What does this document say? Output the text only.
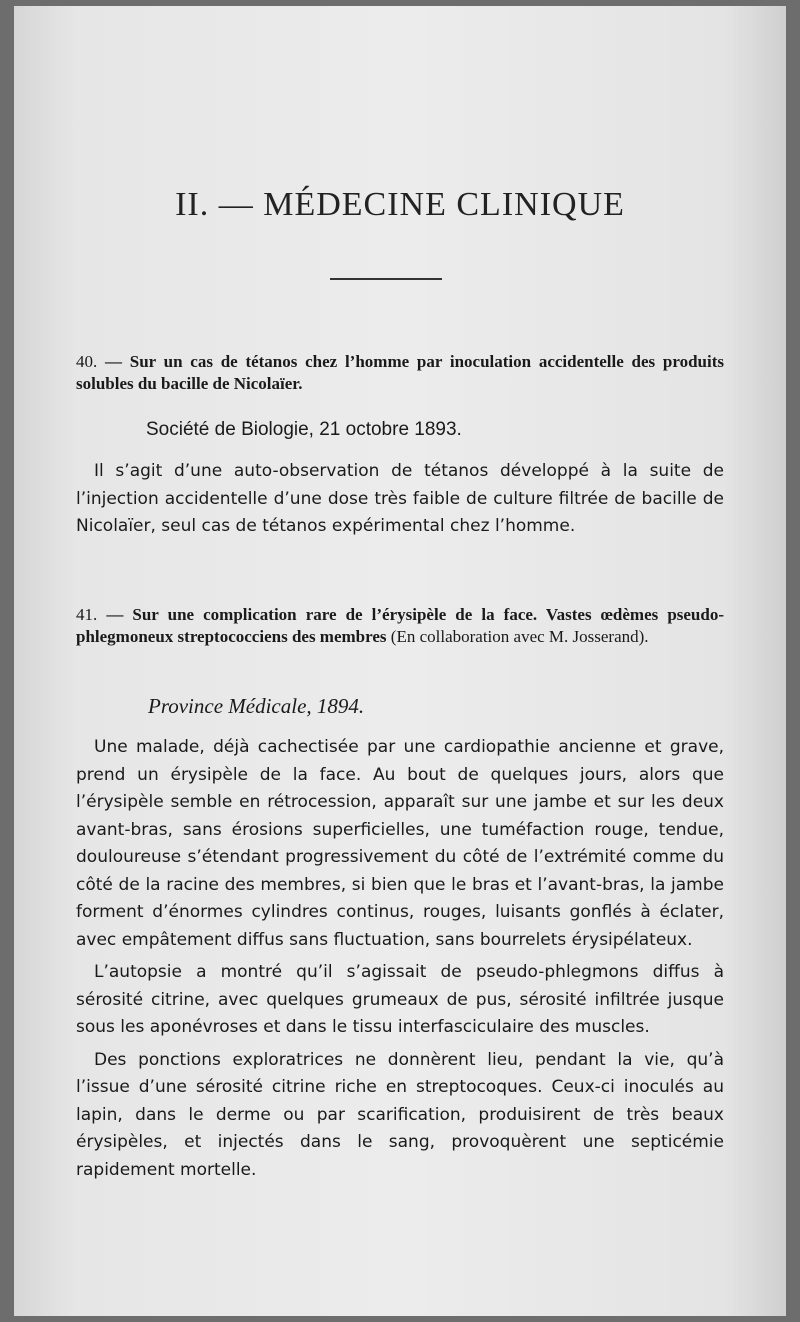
II. — MÉDECINE CLINIQUE
40. — Sur un cas de tétanos chez l’homme par inoculation accidentelle des produits solubles du bacille de Nicolaïer.
Société de Biologie, 21 octobre 1893.

Il s’agit d’une auto-observation de tétanos développé à la suite de l’injection accidentelle d’une dose très faible de culture filtrée de bacille de Nicolaïer, seul cas de tétanos expérimental chez l’homme.

41. — Sur une complication rare de l’érysipèle de la face. Vastes œdèmes pseudo-phlegmoneux streptococciens des membres (En collaboration avec M. Josserand).
Province Médicale, 1894.

Une malade, déjà cachectisée par une cardiopathie ancienne et grave, prend un érysipèle de la face. Au bout de quelques jours, alors que l’érysipèle semble en rétrocession, apparaît sur une jambe et sur les deux avant-bras, sans érosions superficielles, une tuméfaction rouge, tendue, douloureuse s’étendant progressivement du côté de l’extrémité comme du côté de la racine des membres, si bien que le bras et l’avant-bras, la jambe forment d’énormes cylindres continus, rouges, luisants gonflés à éclater, avec empâtement diffus sans fluctuation, sans bourrelets érysipélateux.

L’autopsie a montré qu’il s’agissait de pseudo-phlegmons diffus à sérosité citrine, avec quelques grumeaux de pus, sérosité infiltrée jusque sous les aponévroses et dans le tissu interfasciculaire des muscles.

Des ponctions exploratrices ne donnèrent lieu, pendant la vie, qu’à l’issue d’une sérosité citrine riche en streptocoques. Ceux-ci inoculés au lapin, dans le derme ou par scarification, produisirent de très beaux érysipèles, et injectés dans le sang, provoquèrent une septicémie rapidement mortelle.
